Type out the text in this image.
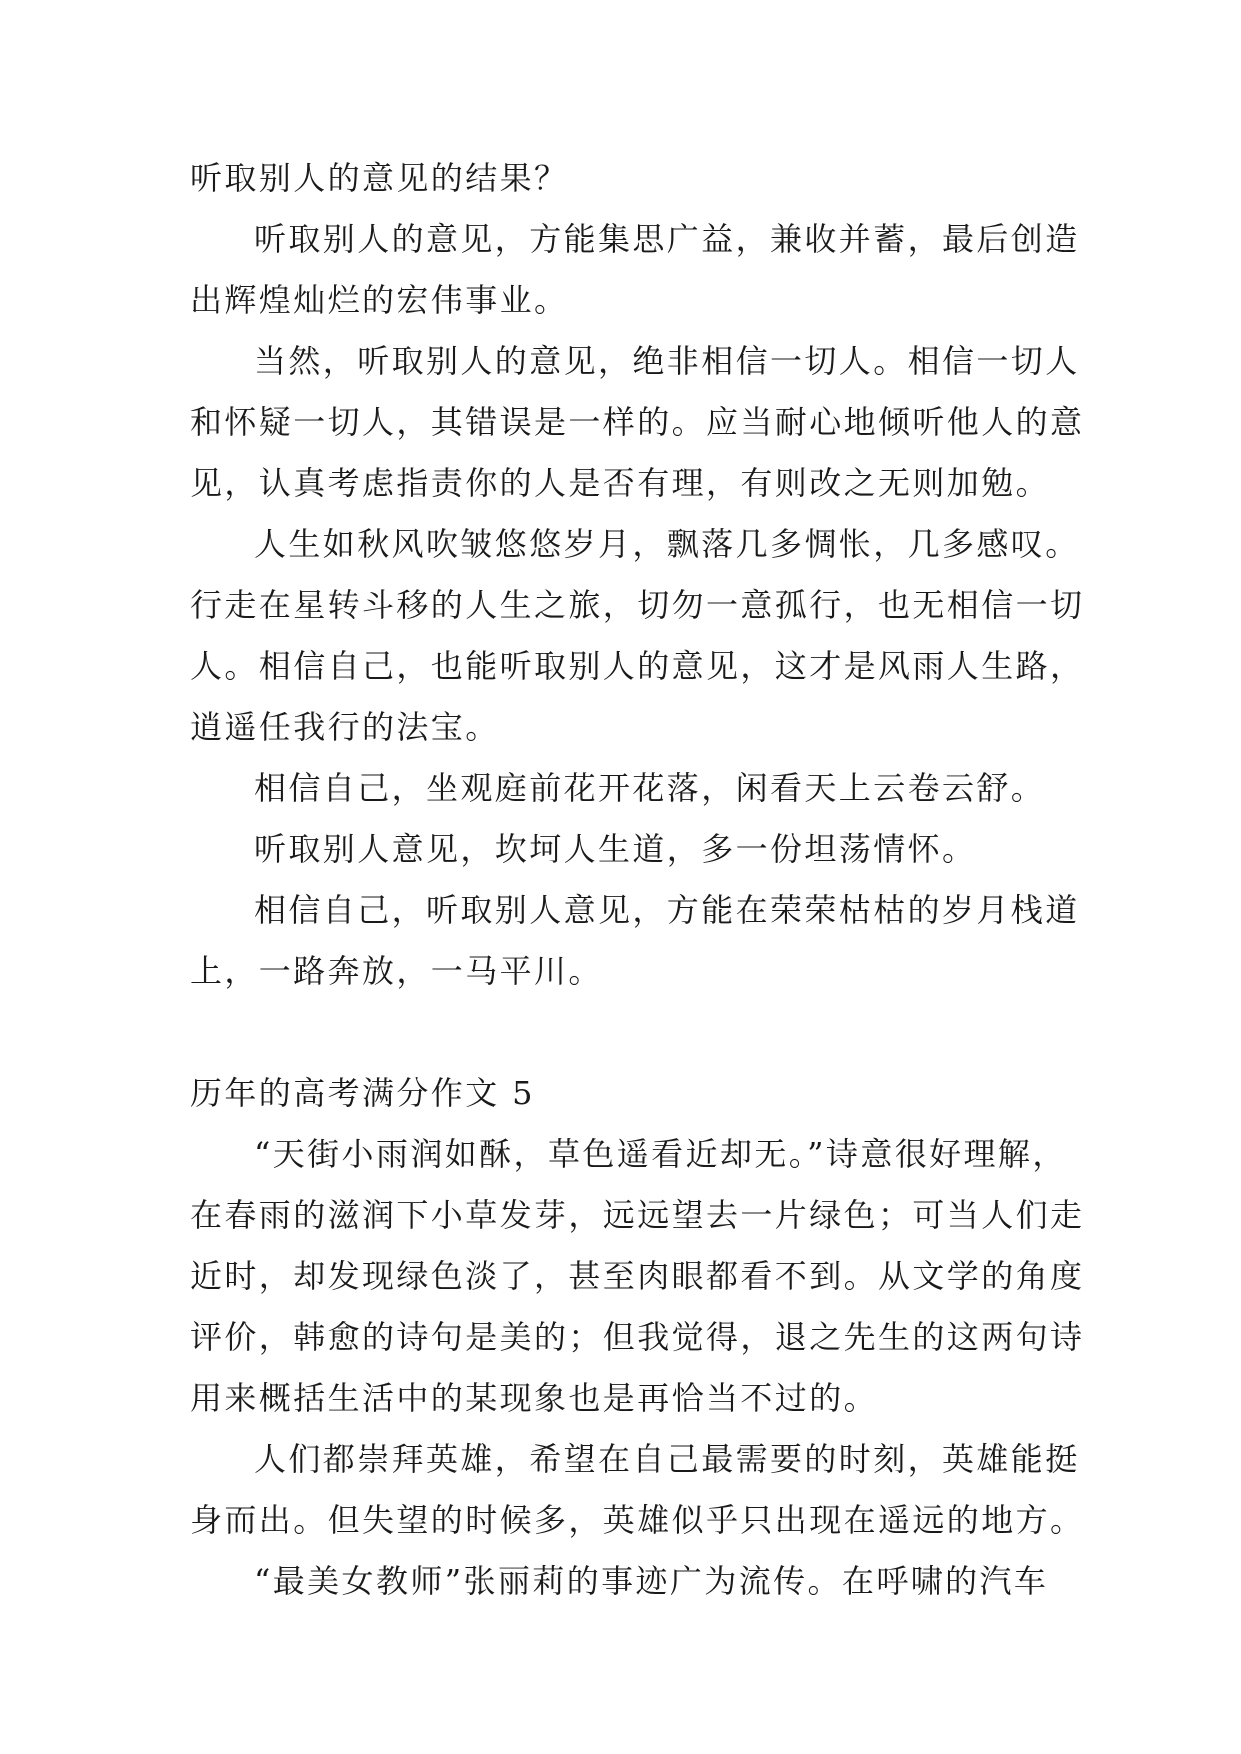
听取别人的意见的结果？
听取别人的意见，方能集思广益，兼收并蓄，最后创造
出辉煌灿烂的宏伟事业。
当然，听取别人的意见，绝非相信一切人。相信一切人
和怀疑一切人，其错误是一样的。应当耐心地倾听他人的意
见，认真考虑指责你的人是否有理，有则改之无则加勉。
人生如秋风吹皱悠悠岁月，飘落几多惆怅，几多感叹。
行走在星转斗移的人生之旅，切勿一意孤行，也无相信一切
人。相信自己，也能听取别人的意见，这才是风雨人生路，
逍遥任我行的法宝。
相信自己，坐观庭前花开花落，闲看天上云卷云舒。
听取别人意见，坎坷人生道，多一份坦荡情怀。
相信自己，听取别人意见，方能在荣荣枯枯的岁月栈道
上，一路奔放，一马平川。
历年的高考满分作文 5
“天街小雨润如酥，草色遥看近却无。”诗意很好理解，
在春雨的滋润下小草发芽，远远望去一片绿色；可当人们走
近时，却发现绿色淡了，甚至肉眼都看不到。从文学的角度
评价，韩愈的诗句是美的；但我觉得，退之先生的这两句诗
用来概括生活中的某现象也是再恰当不过的。
人们都崇拜英雄，希望在自己最需要的时刻，英雄能挺
身而出。但失望的时候多，英雄似乎只出现在遥远的地方。
“最美女教师”张丽莉的事迹广为流传。在呼啸的汽车
